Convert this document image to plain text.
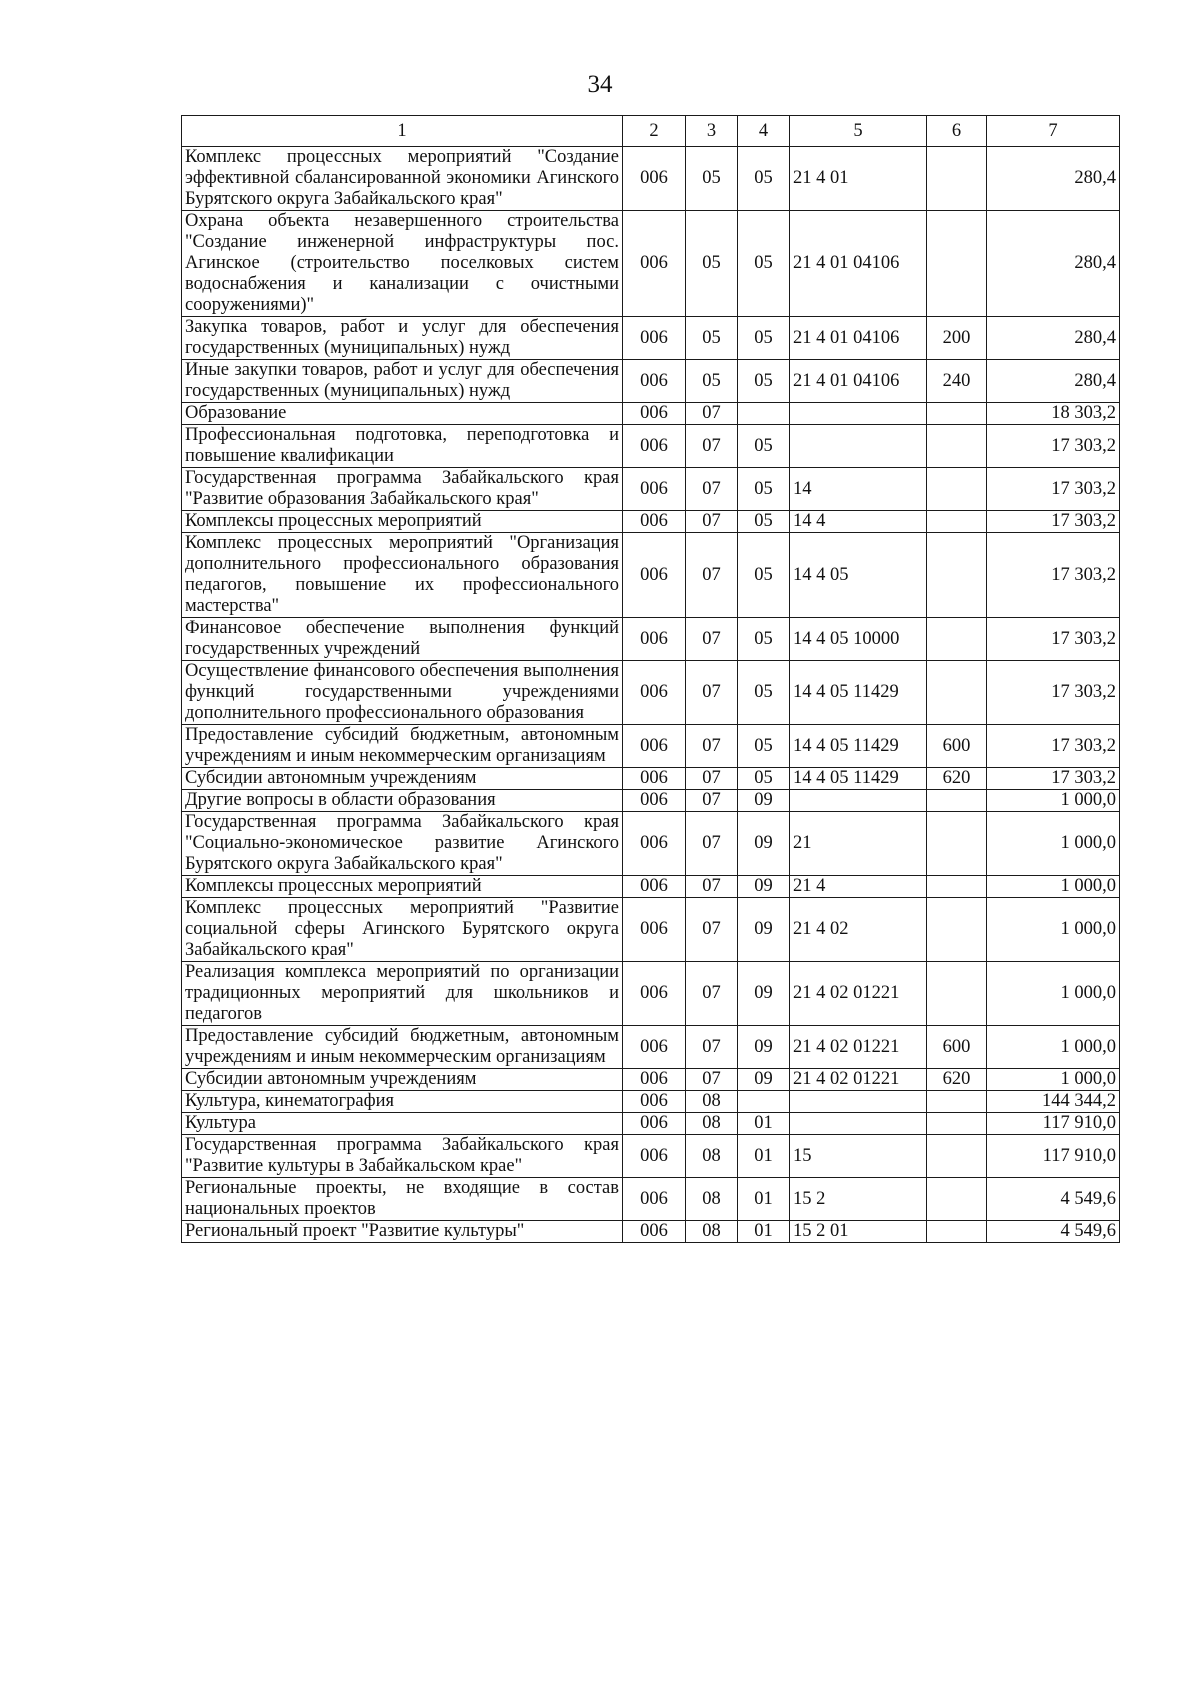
34
1	2	3	4	5	6	7
Комплекс процессных мероприятий "Создание эффективной сбалансированной экономики Агинского Бурятского округа Забайкальского края"	006	05	05	21 4 01		280,4
Охрана объекта незавершенного строительства "Создание инженерной инфраструктуры пос. Агинское (строительство поселковых систем водоснабжения и канализации с очистными сооружениями)"	006	05	05	21 4 01 04106		280,4
Закупка товаров, работ и услуг для обеспечения государственных (муниципальных) нужд	006	05	05	21 4 01 04106	200	280,4
Иные закупки товаров, работ и услуг для обеспечения государственных (муниципальных) нужд	006	05	05	21 4 01 04106	240	280,4
Образование	006	07				18 303,2
Профессиональная подготовка, переподготовка и повышение квалификации	006	07	05			17 303,2
Государственная программа Забайкальского края "Развитие образования Забайкальского края"	006	07	05	14		17 303,2
Комплексы процессных мероприятий	006	07	05	14 4		17 303,2
Комплекс процессных мероприятий "Организация дополнительного профессионального образования педагогов, повышение их профессионального мастерства"	006	07	05	14 4 05		17 303,2
Финансовое обеспечение выполнения функций государственных учреждений	006	07	05	14 4 05 10000		17 303,2
Осуществление финансового обеспечения выполнения функций государственными учреждениями дополнительного профессионального образования	006	07	05	14 4 05 11429		17 303,2
Предоставление субсидий бюджетным, автономным учреждениям и иным некоммерческим организациям	006	07	05	14 4 05 11429	600	17 303,2
Субсидии автономным учреждениям	006	07	05	14 4 05 11429	620	17 303,2
Другие вопросы в области образования	006	07	09			1 000,0
Государственная программа Забайкальского края "Социально-экономическое развитие Агинского Бурятского округа Забайкальского края"	006	07	09	21		1 000,0
Комплексы процессных мероприятий	006	07	09	21 4		1 000,0
Комплекс процессных мероприятий "Развитие социальной сферы Агинского Бурятского округа Забайкальского края"	006	07	09	21 4 02		1 000,0
Реализация комплекса мероприятий по организации традиционных мероприятий для школьников и педагогов	006	07	09	21 4 02 01221		1 000,0
Предоставление субсидий бюджетным, автономным учреждениям и иным некоммерческим организациям	006	07	09	21 4 02 01221	600	1 000,0
Субсидии автономным учреждениям	006	07	09	21 4 02 01221	620	1 000,0
Культура, кинематография	006	08				144 344,2
Культура	006	08	01			117 910,0
Государственная программа Забайкальского края "Развитие культуры в Забайкальском крае"	006	08	01	15		117 910,0
Региональные проекты, не входящие в состав национальных проектов	006	08	01	15 2		4 549,6
Региональный проект "Развитие культуры"	006	08	01	15 2 01		4 549,6
